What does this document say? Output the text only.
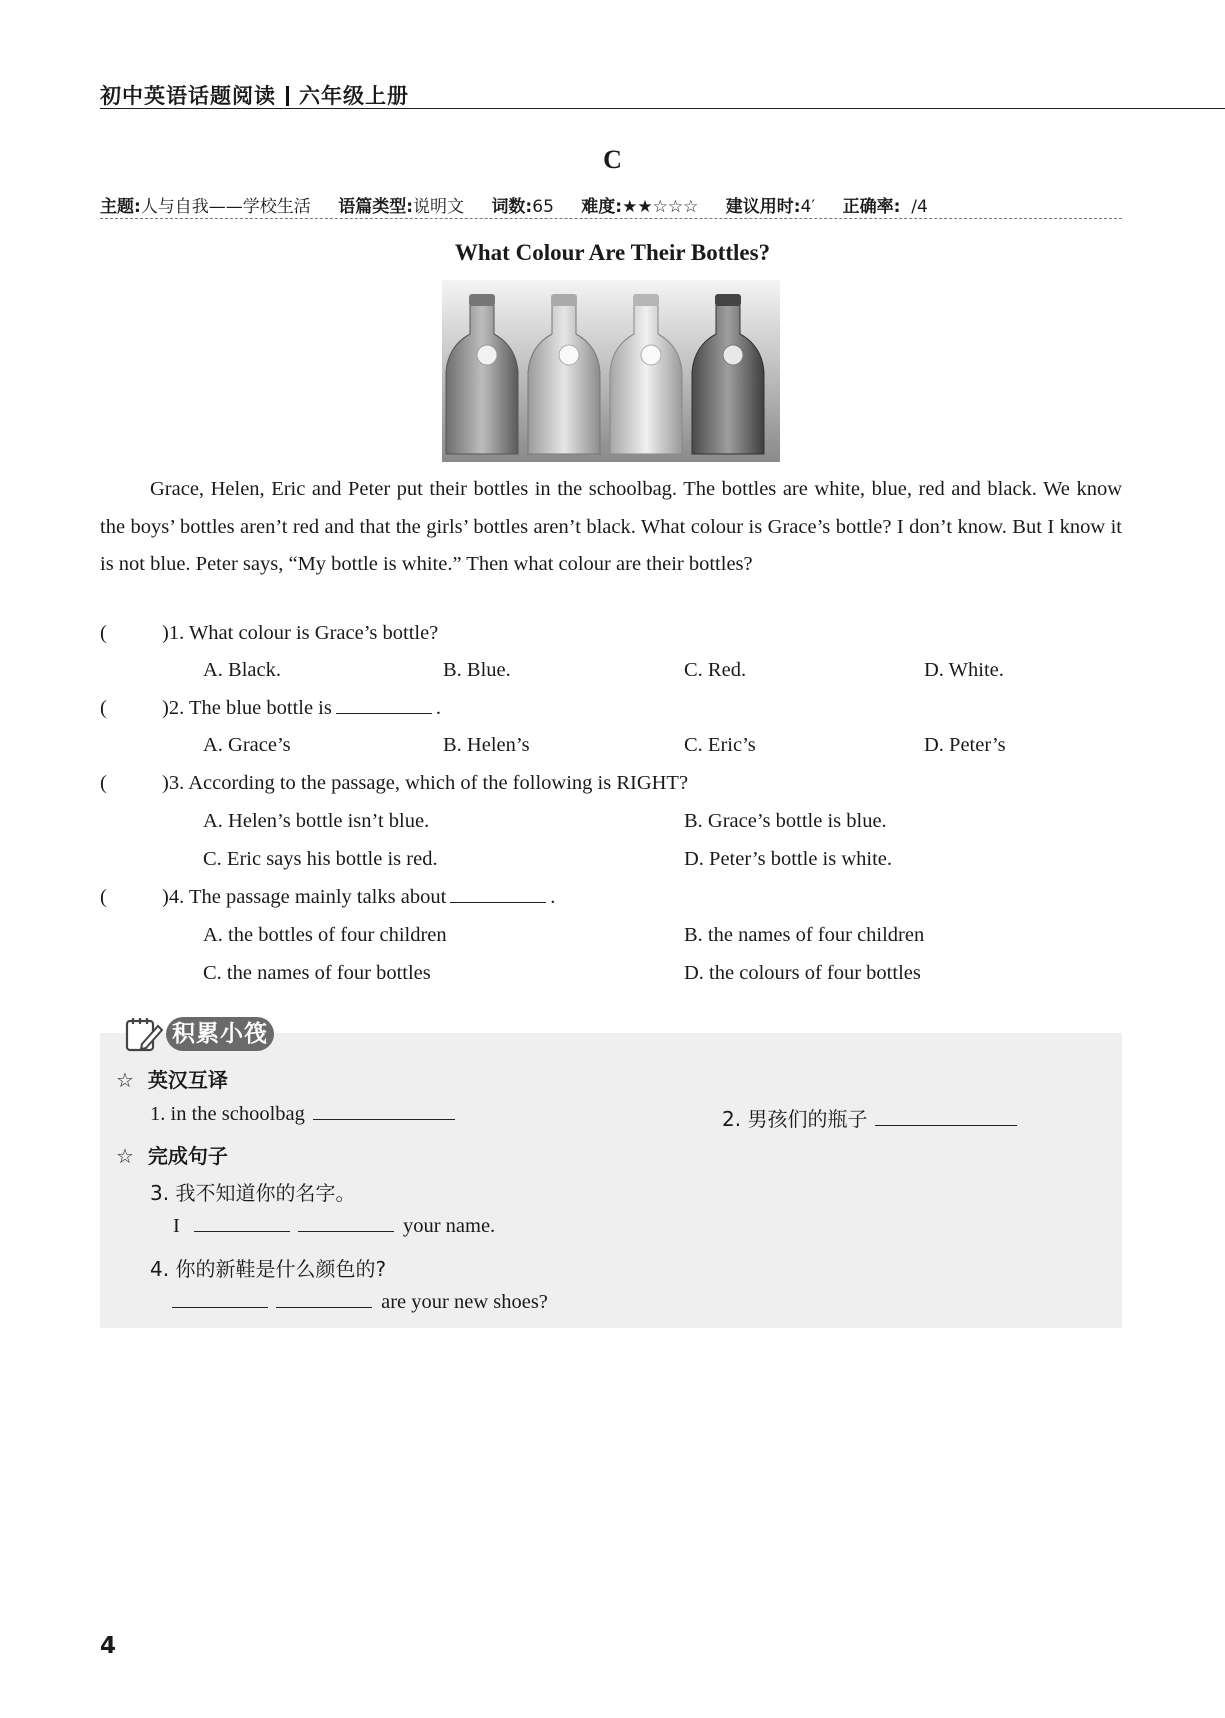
初中英语话题阅读 六年级上册
C
主题:人与自我——学校生活 语篇类型:说明文 词数:65 难度:★★☆☆☆ 建议用时:4′ 正确率:  /4
What Colour Are Their Bottles?

Grace, Helen, Eric and Peter put their bottles in the schoolbag. The bottles are white, blue, red and black. We know the boys’ bottles aren’t red and that the girls’ bottles aren’t black. What colour is Grace’s bottle? I don’t know. But I know it is not blue. Peter says, “My bottle is white.” Then what colour are their bottles?

(	)1. What colour is Grace’s bottle?
A. Black.	B. Blue.	C. Red.	D. White.
(	)2. The blue bottle is	.
A. Grace’s	B. Helen’s	C. Eric’s	D. Peter’s
(	)3. According to the passage, which of the following is RIGHT?
A. Helen’s bottle isn’t blue.	B. Grace’s bottle is blue.
C. Eric says his bottle is red.	D. Peter’s bottle is white.
(	)4. The passage mainly talks about	.
A. the bottles of four children	B. the names of four children
C. the names of four bottles	D. the colours of four bottles
积累小筏
☆ 英汉互译
1. in the schoolbag	2. 男孩们的瓶子
☆ 完成句子
3. 我不知道你的名字。
I	your name.
4. 你的新鞋是什么颜色的?
are your new shoes?
4
